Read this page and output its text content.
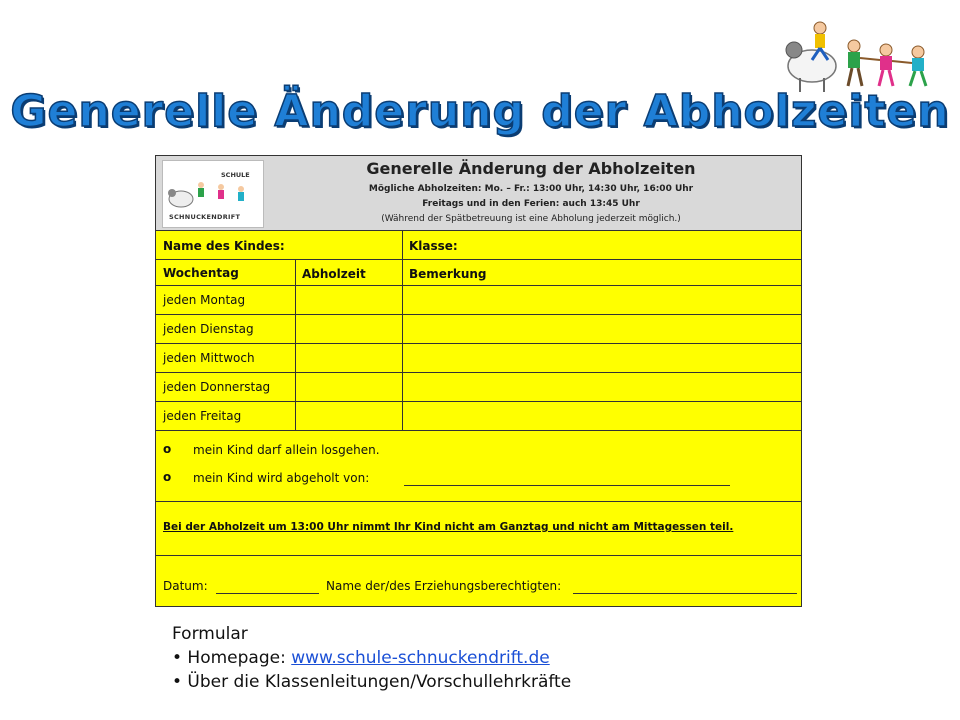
Generelle Änderung der Abholzeiten
SCHULE
SCHNUCKENDRIFT
Generelle Änderung der Abholzeiten
Mögliche Abholzeiten: Mo. – Fr.: 13:00 Uhr, 14:30 Uhr, 16:00 Uhr
Freitags und in den Ferien: auch 13:45 Uhr
(Während der Spätbetreuung ist eine Abholung jederzeit möglich.)
Name des Kindes:	Klasse:
Wochentag	Abholzeit	Bemerkung
jeden Montag
jeden Dienstag
jeden Mittwoch
jeden Donnerstag
jeden Freitag
o mein Kind darf allein losgehen.
o mein Kind wird abgeholt von:
Bei der Abholzeit um 13:00 Uhr nimmt Ihr Kind nicht am Ganztag und nicht am Mittagessen teil.
Datum:	Name der/des Erziehungsberechtigten:
Formular
• Homepage: www.schule-schnuckendrift.de
• Über die Klassenleitungen/Vorschullehrkräfte
